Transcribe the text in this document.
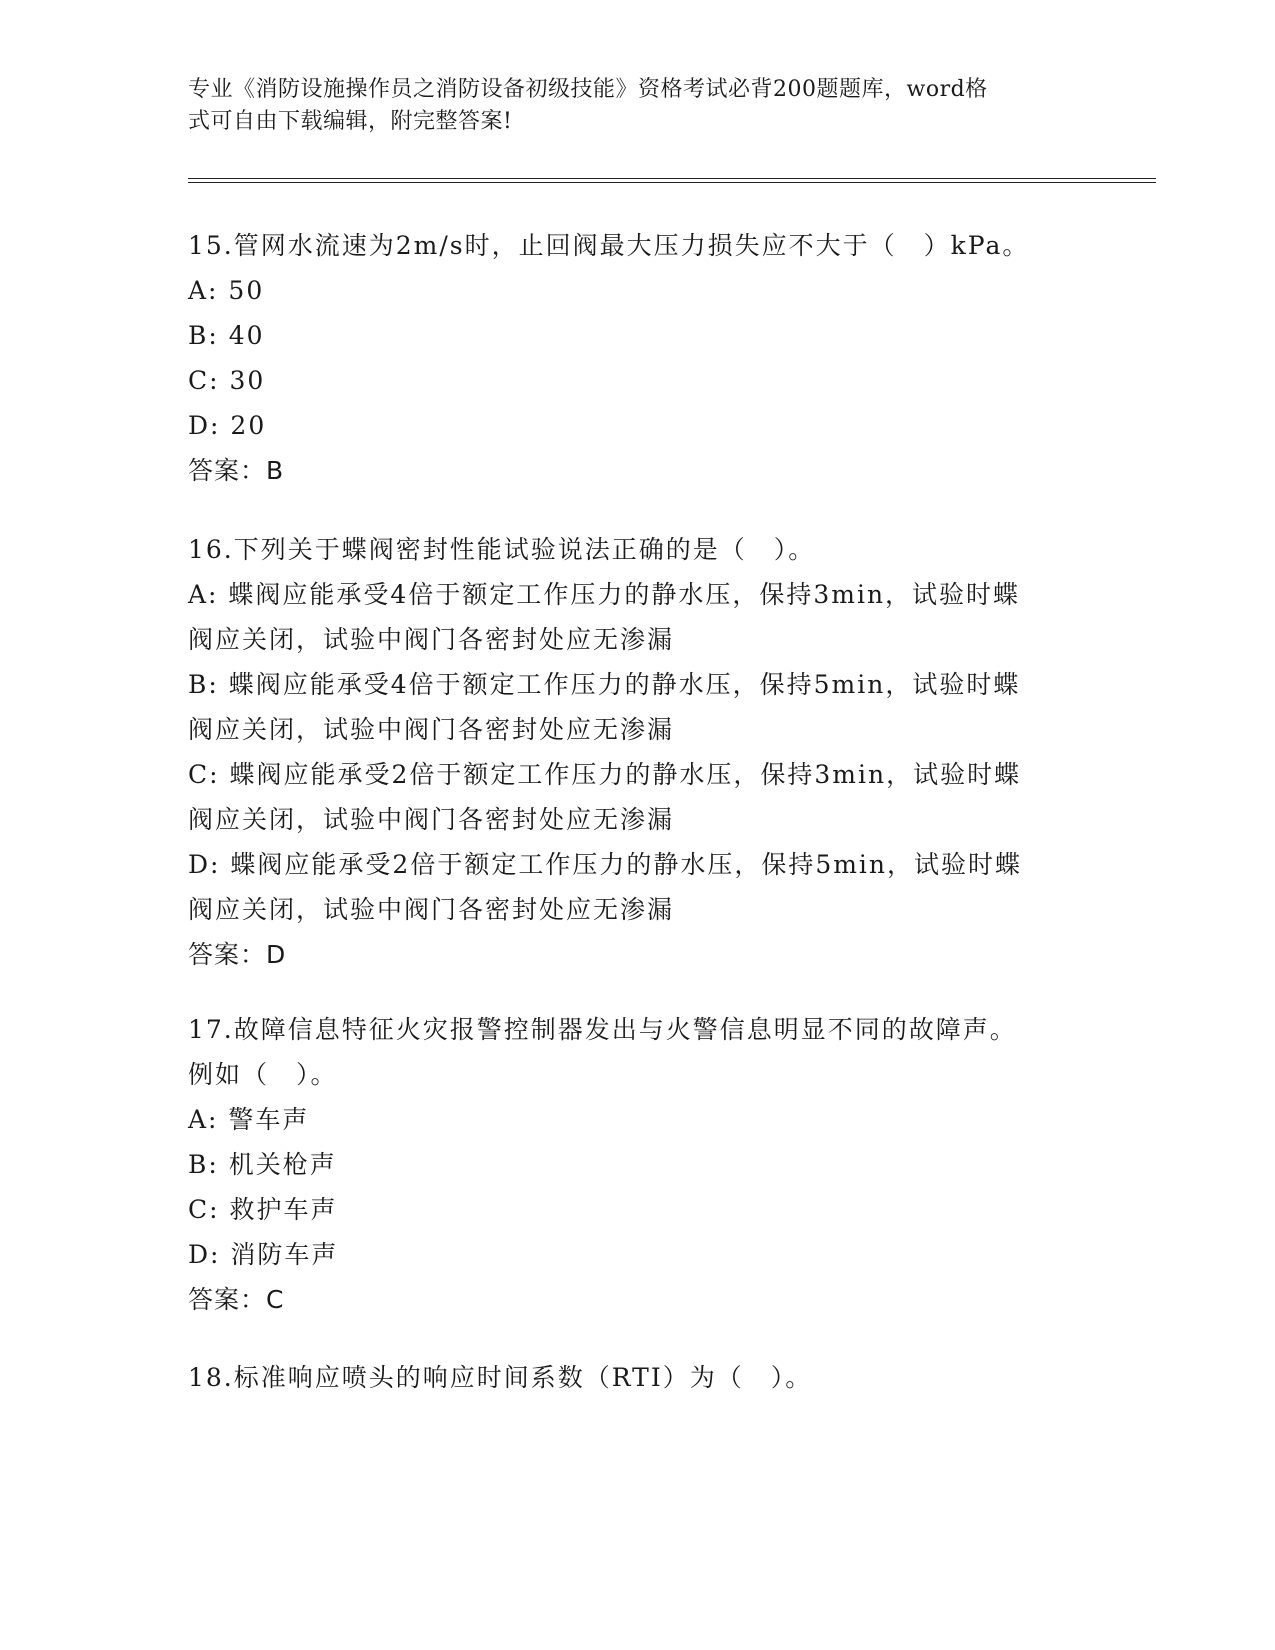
专业《消防设施操作员之消防设备初级技能》资格考试必背200题题库，word格
式可自由下载编辑，附完整答案!
15.管网水流速为2m/s时，止回阀最大压力损失应不大于（　）kPa。
A: 50
B: 40
C: 30
D: 20
答案：B
16.下列关于蝶阀密封性能试验说法正确的是（　）。
A: 蝶阀应能承受4倍于额定工作压力的静水压，保持3min，试验时蝶
阀应关闭，试验中阀门各密封处应无渗漏
B: 蝶阀应能承受4倍于额定工作压力的静水压，保持5min，试验时蝶
阀应关闭，试验中阀门各密封处应无渗漏
C: 蝶阀应能承受2倍于额定工作压力的静水压，保持3min，试验时蝶
阀应关闭，试验中阀门各密封处应无渗漏
D: 蝶阀应能承受2倍于额定工作压力的静水压，保持5min，试验时蝶
阀应关闭，试验中阀门各密封处应无渗漏
答案：D
17.故障信息特征火灾报警控制器发出与火警信息明显不同的故障声。
例如（　）。
A: 警车声
B: 机关枪声
C: 救护车声
D: 消防车声
答案：C
18.标准响应喷头的响应时间系数（RTI）为（　）。
